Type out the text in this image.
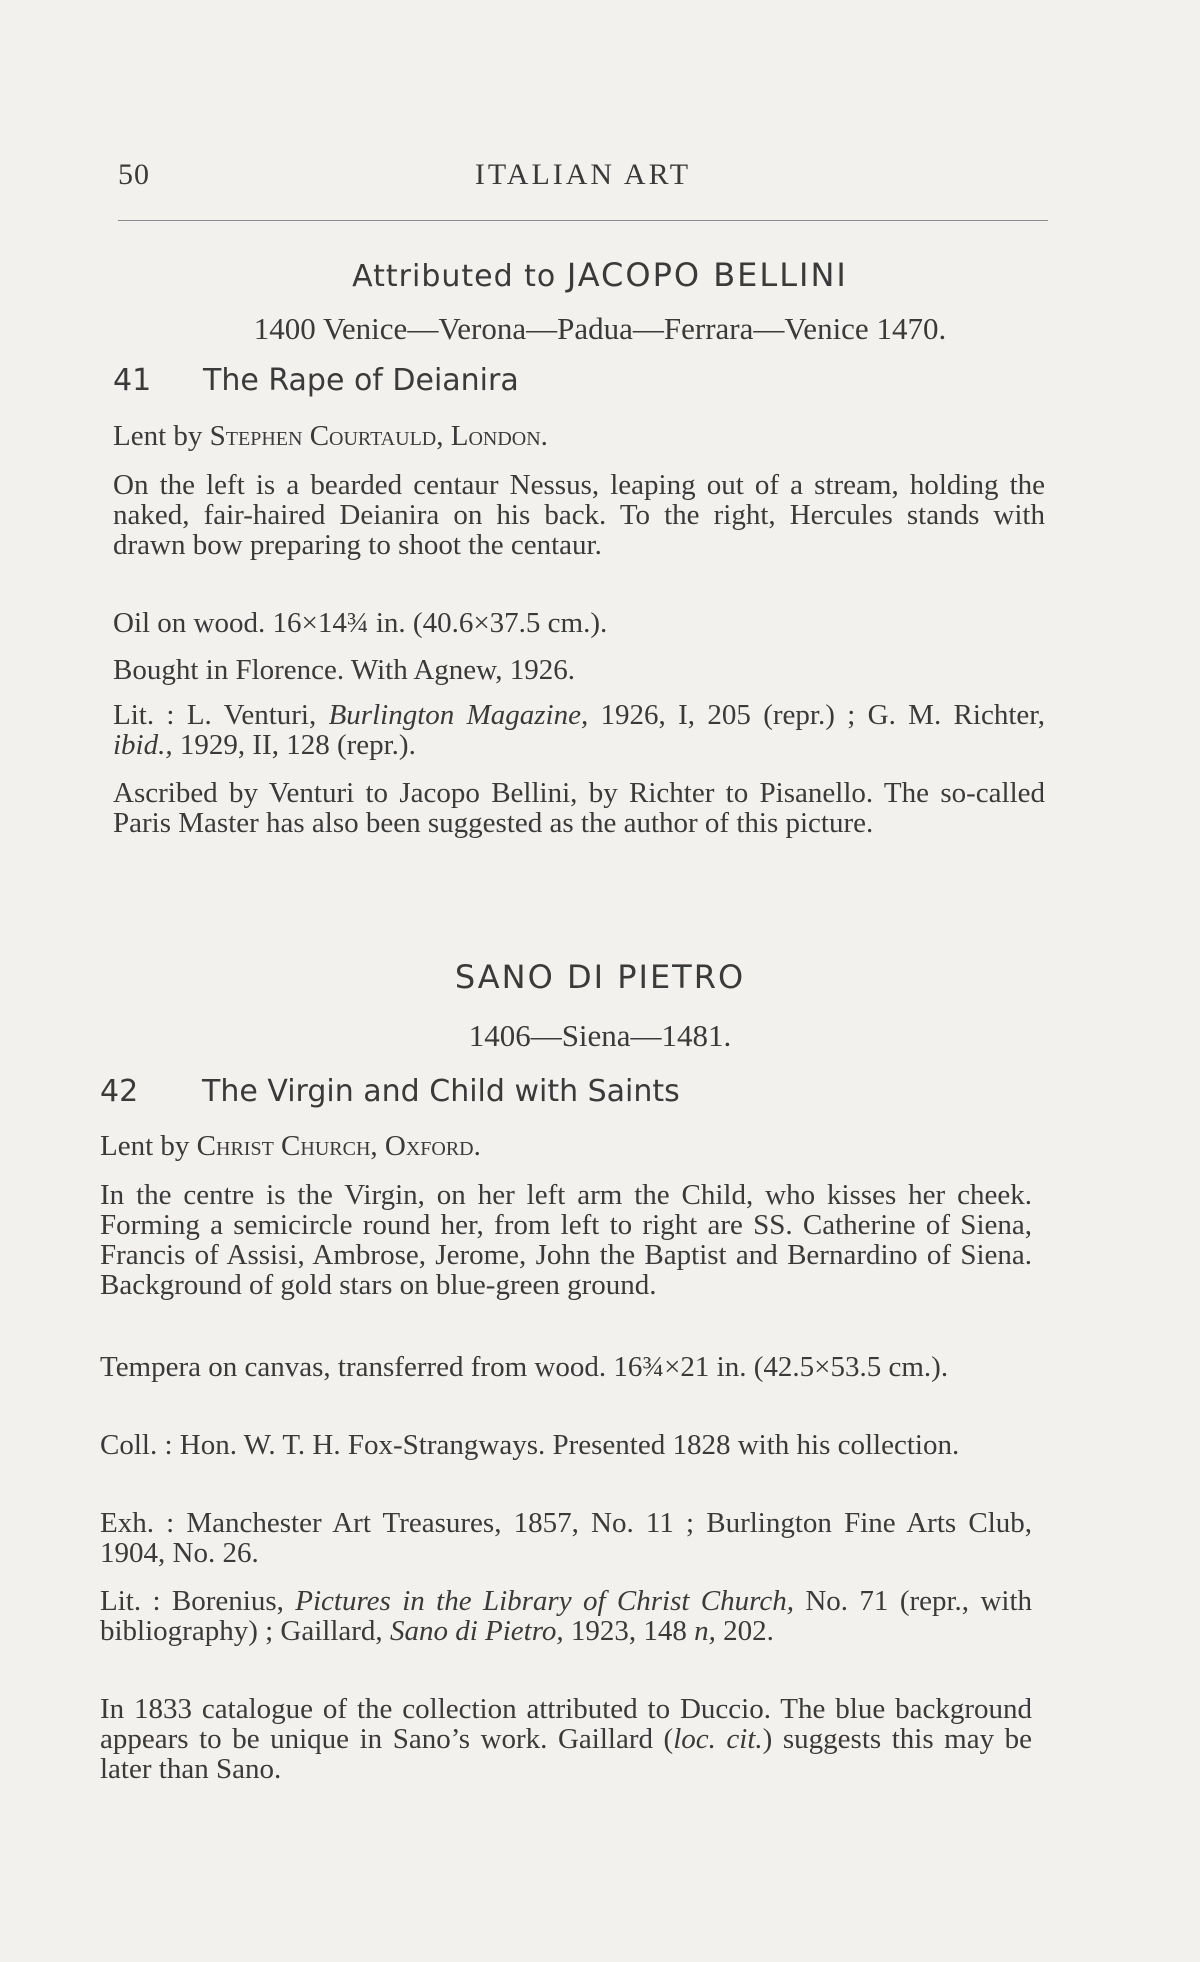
ITALIAN ART
50
Attributed to JACOPO BELLINI
1400 Venice—Verona—Padua—Ferrara—Venice 1470.
41 The Rape of Deianira
Lent by Stephen Courtauld, London.
On the left is a bearded centaur Nessus, leaping out of a stream, holding the naked, fair-haired Deianira on his back. To the right, Hercules stands with drawn bow preparing to shoot the centaur.
Oil on wood. 16×14¾ in. (40.6×37.5 cm.).
Bought in Florence. With Agnew, 1926.
Lit. : L. Venturi, Burlington Magazine, 1926, I, 205 (repr.) ; G. M. Richter, ibid., 1929, II, 128 (repr.).
Ascribed by Venturi to Jacopo Bellini, by Richter to Pisanello. The so-called Paris Master has also been suggested as the author of this picture.
SANO DI PIETRO
1406—Siena—1481.
42 The Virgin and Child with Saints
Lent by Christ Church, Oxford.
In the centre is the Virgin, on her left arm the Child, who kisses her cheek. Forming a semicircle round her, from left to right are SS. Catherine of Siena, Francis of Assisi, Ambrose, Jerome, John the Baptist and Bernardino of Siena. Background of gold stars on blue-green ground.
Tempera on canvas, transferred from wood. 16¾×21 in. (42.5×53.5 cm.).
Coll. : Hon. W. T. H. Fox-Strangways. Presented 1828 with his collection.
Exh. : Manchester Art Treasures, 1857, No. 11 ; Burlington Fine Arts Club, 1904, No. 26.
Lit. : Borenius, Pictures in the Library of Christ Church, No. 71 (repr., with bibliography) ; Gaillard, Sano di Pietro, 1923, 148 n, 202.
In 1833 catalogue of the collection attributed to Duccio. The blue background appears to be unique in Sano’s work. Gaillard (loc. cit.) suggests this may be later than Sano.
